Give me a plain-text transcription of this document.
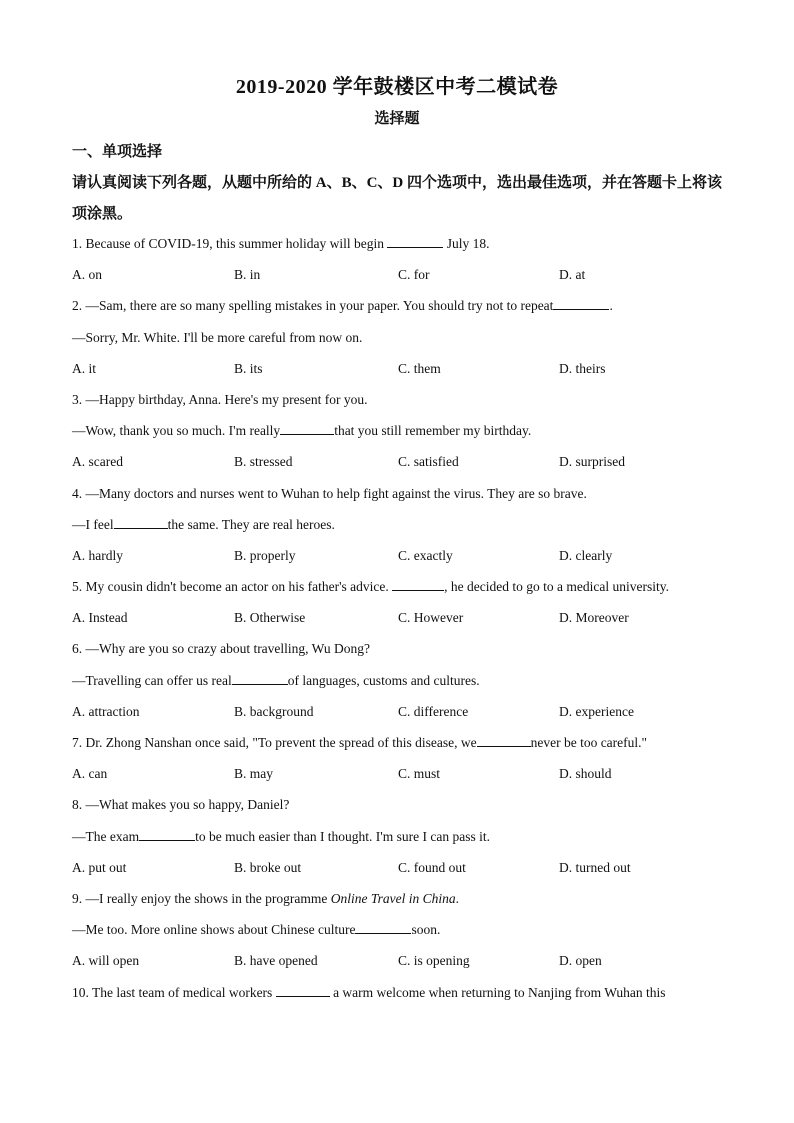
2019-2020 学年鼓楼区中考二模试卷
选择题
一、单项选择
请认真阅读下列各题，从题中所给的 A、B、C、D 四个选项中，选出最佳选项，并在答题卡上将该项涂黑。
1. Because of COVID-19, this summer holiday will begin	July 18.
A. on	B. in	C. for	D. at
2. —Sam, there are so many spelling mistakes in your paper. You should try not to repeat	.
—Sorry, Mr. White. I'll be more careful from now on.
A. it	B. its	C. them	D. theirs
3. —Happy birthday, Anna. Here's my present for you.
—Wow, thank you so much. I'm really	that you still remember my birthday.
A. scared	B. stressed	C. satisfied	D. surprised
4. —Many doctors and nurses went to Wuhan to help fight against the virus. They are so brave.
—I feel	the same. They are real heroes.
A. hardly	B. properly	C. exactly	D. clearly
5. My cousin didn't become an actor on his father's advice.	, he decided to go to a medical university.
A. Instead	B. Otherwise	C. However	D. Moreover
6. —Why are you so crazy about travelling, Wu Dong?
—Travelling can offer us real	of languages, customs and cultures.
A. attraction	B. background	C. difference	D. experience
7. Dr. Zhong Nanshan once said, "To prevent the spread of this disease, we	never be too careful."
A. can	B. may	C. must	D. should
8. —What makes you so happy, Daniel?
—The exam	to be much easier than I thought. I'm sure I can pass it.
A. put out	B. broke out	C. found out	D. turned out
9. —I really enjoy the shows in the programme Online Travel in China.
—Me too. More online shows about Chinese culture	soon.
A. will open	B. have opened	C. is opening	D. open
10. The last team of medical workers	a warm welcome when returning to Nanjing from Wuhan this
